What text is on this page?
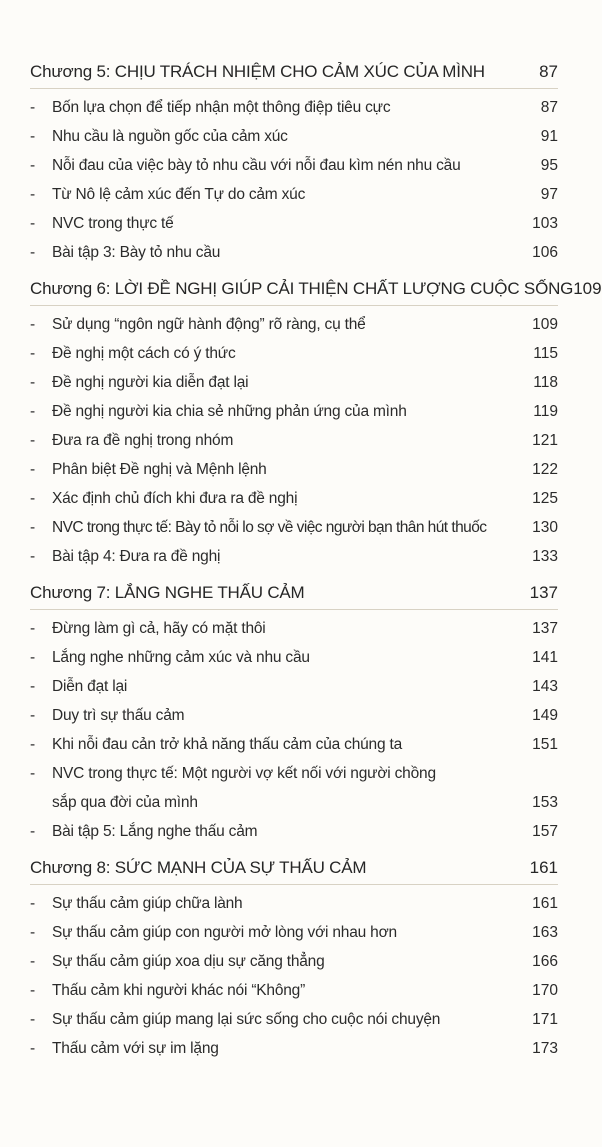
Chương 5: CHỊU TRÁCH NHIỆM CHO CẢM XÚC CỦA MÌNH	87
-	Bốn lựa chọn để tiếp nhận một thông điệp tiêu cực	87
-	Nhu cầu là nguồn gốc của cảm xúc	91
-	Nỗi đau của việc bày tỏ nhu cầu với nỗi đau kìm nén nhu cầu	95
-	Từ Nô lệ cảm xúc đến Tự do cảm xúc	97
-	NVC trong thực tế	103
-	Bài tập 3: Bày tỏ nhu cầu	106
Chương 6: LỜI ĐỀ NGHỊ GIÚP CẢI THIỆN CHẤT LƯỢNG CUỘC SỐNG 109
-	Sử dụng “ngôn ngữ hành động” rõ ràng, cụ thể	109
-	Đề nghị một cách có ý thức	115
-	Đề nghị người kia diễn đạt lại	118
-	Đề nghị người kia chia sẻ những phản ứng của mình	119
-	Đưa ra đề nghị trong nhóm	121
-	Phân biệt Đề nghị và Mệnh lệnh	122
-	Xác định chủ đích khi đưa ra đề nghị	125
-	NVC trong thực tế: Bày tỏ nỗi lo sợ về việc người bạn thân hút thuốc	130
-	Bài tập 4: Đưa ra đề nghị	133
Chương 7: LẮNG NGHE THẤU CẢM	137
-	Đừng làm gì cả, hãy có mặt thôi	137
-	Lắng nghe những cảm xúc và nhu cầu	141
-	Diễn đạt lại	143
-	Duy trì sự thấu cảm	149
-	Khi nỗi đau cản trở khả năng thấu cảm của chúng ta	151
-	NVC trong thực tế: Một người vợ kết nối với người chồng
sắp qua đời của mình	153
-	Bài tập 5: Lắng nghe thấu cảm	157
Chương 8: SỨC MẠNH CỦA SỰ THẤU CẢM	161
-	Sự thấu cảm giúp chữa lành	161
-	Sự thấu cảm giúp con người mở lòng với nhau hơn	163
-	Sự thấu cảm giúp xoa dịu sự căng thẳng	166
-	Thấu cảm khi người khác nói “Không”	170
-	Sự thấu cảm giúp mang lại sức sống cho cuộc nói chuyện	171
-	Thấu cảm với sự im lặng	173
